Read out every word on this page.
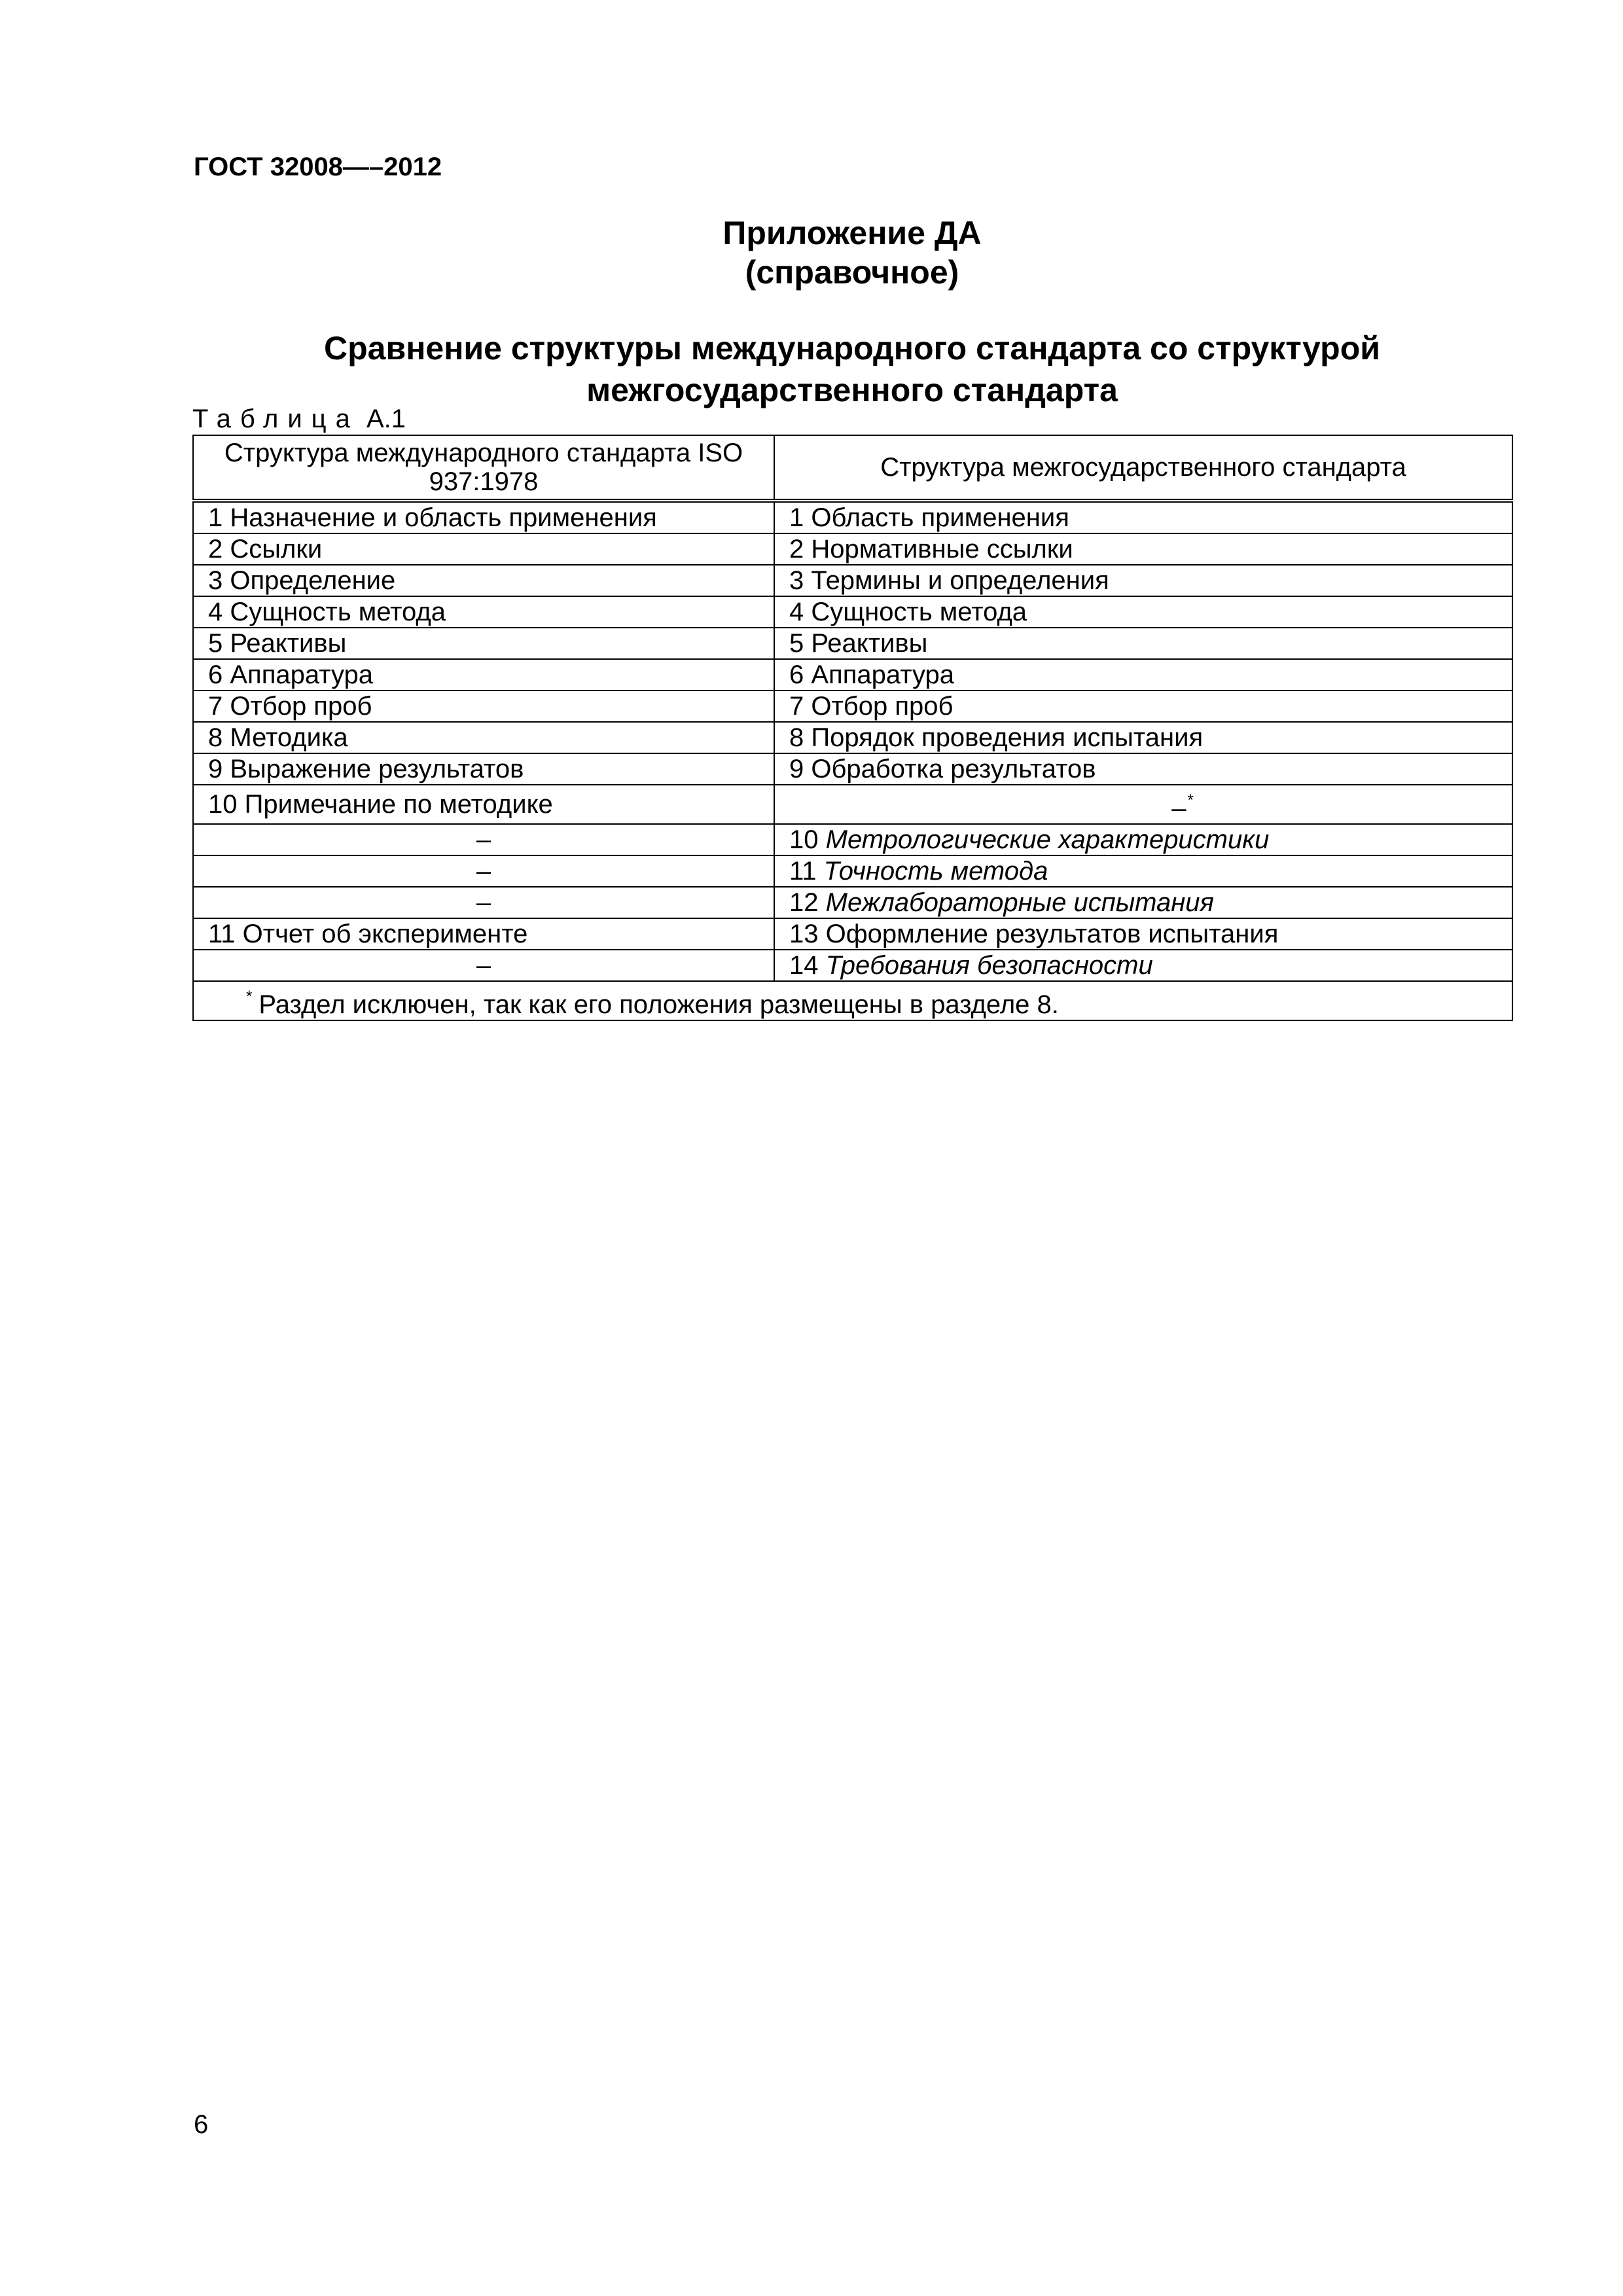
ГОСТ 32008—–2012
Приложение ДА
(справочное)
Сравнение структуры международного стандарта со структурой межгосударственного стандарта
Таблица А.1
Структура международного стандарта ISO 937:1978	Структура межгосударственного стандарта
1 Назначение и область применения	1 Область применения
2 Ссылки	2 Нормативные ссылки
3 Определение	3 Термины и определения
4 Сущность метода	4 Сущность метода
5 Реактивы	5 Реактивы
6 Аппаратура	6 Аппаратура
7 Отбор проб	7 Отбор проб
8 Методика	8 Порядок проведения испытания
9 Выражение результатов	9 Обработка результатов
10 Примечание по методике	–*
–	10 Метрологические характеристики
–	11 Точность метода
–	12 Межлабораторные испытания
11 Отчет об эксперименте	13 Оформление результатов испытания
–	14 Требования безопасности
* Раздел исключен, так как его положения размещены в разделе 8.	
6
